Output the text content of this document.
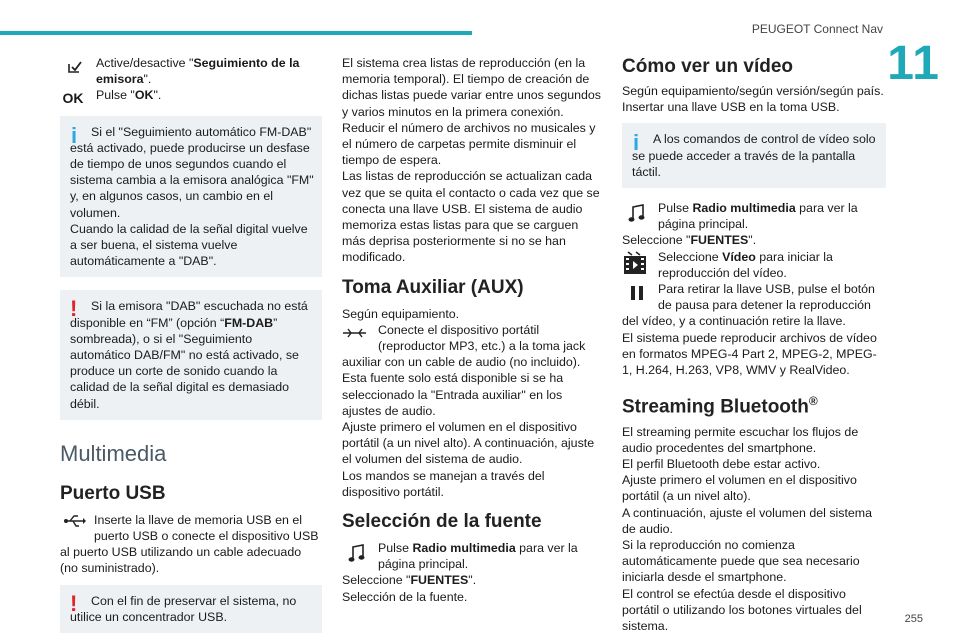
PEUGEOT Connect Nav
11
255

Active/desactive "Seguimiento de la emisora".

OK Pulse "OK".

i	Si el "Seguimiento automático FM-DAB" está activado, puede producirse un desfase de tiempo de unos segundos cuando el sistema cambia a la emisora analógica "FM" y, en algunos casos, un cambio en el volumen.

Cuando la calidad de la señal digital vuelve a ser buena, el sistema vuelve automáticamente a "DAB".

!	Si la emisora "DAB" escuchada no está disponible en “FM” (opción “FM-DAB” sombreada), o si el "Seguimiento automático DAB/FM" no está activado, se produce un corte de sonido cuando la calidad de la señal digital es demasiado débil.

Multimedia
Puerto USB

Inserte la llave de memoria USB en el puerto USB o conecte el dispositivo USB al puerto USB utilizando un cable adecuado (no suministrado).

!	Con el fin de preservar el sistema, no utilice un concentrador USB.

El sistema crea listas de reproducción (en la memoria temporal). El tiempo de creación de dichas listas puede variar entre unos segundos y varios minutos en la primera conexión.

Reducir el número de archivos no musicales y el número de carpetas permite disminuir el tiempo de espera.

Las listas de reproducción se actualizan cada vez que se quita el contacto o cada vez que se conecta una llave USB. El sistema de audio memoriza estas listas para que se carguen más deprisa posteriormente si no se han modificado.

Toma Auxiliar (AUX)

Según equipamiento.

Conecte el dispositivo portátil (reproductor MP3, etc.) a la toma jack auxiliar con un cable de audio (no incluido).

Esta fuente solo está disponible si se ha seleccionado la "Entrada auxiliar" en los ajustes de audio.

Ajuste primero el volumen en el dispositivo portátil (a un nivel alto). A continuación, ajuste el volumen del sistema de audio.

Los mandos se manejan a través del dispositivo portátil.

Selección de la fuente

Pulse Radio multimedia para ver la página principal.

Seleccione "FUENTES".

Selección de la fuente.

Cómo ver un vídeo

Según equipamiento/según versión/según país.

Insertar una llave USB en la toma USB.

i	A los comandos de control de vídeo solo se puede acceder a través de la pantalla táctil.

Pulse Radio multimedia para ver la página principal.

Seleccione "FUENTES".

Seleccione Vídeo para iniciar la reproducción del vídeo.

Para retirar la llave USB, pulse el botón de pausa para detener la reproducción del vídeo, y a continuación retire la llave.

El sistema puede reproducir archivos de vídeo en formatos MPEG-4 Part 2, MPEG-2, MPEG-1, H.264, H.263, VP8, WMV y RealVideo.

Streaming Bluetooth®

El streaming permite escuchar los flujos de audio procedentes del smartphone.

El perfil Bluetooth debe estar activo.

Ajuste primero el volumen en el dispositivo portátil (a un nivel alto).

A continuación, ajuste el volumen del sistema de audio.

Si la reproducción no comienza automáticamente puede que sea necesario iniciarla desde el smartphone.

El control se efectúa desde el dispositivo portátil o utilizando los botones virtuales del sistema.
